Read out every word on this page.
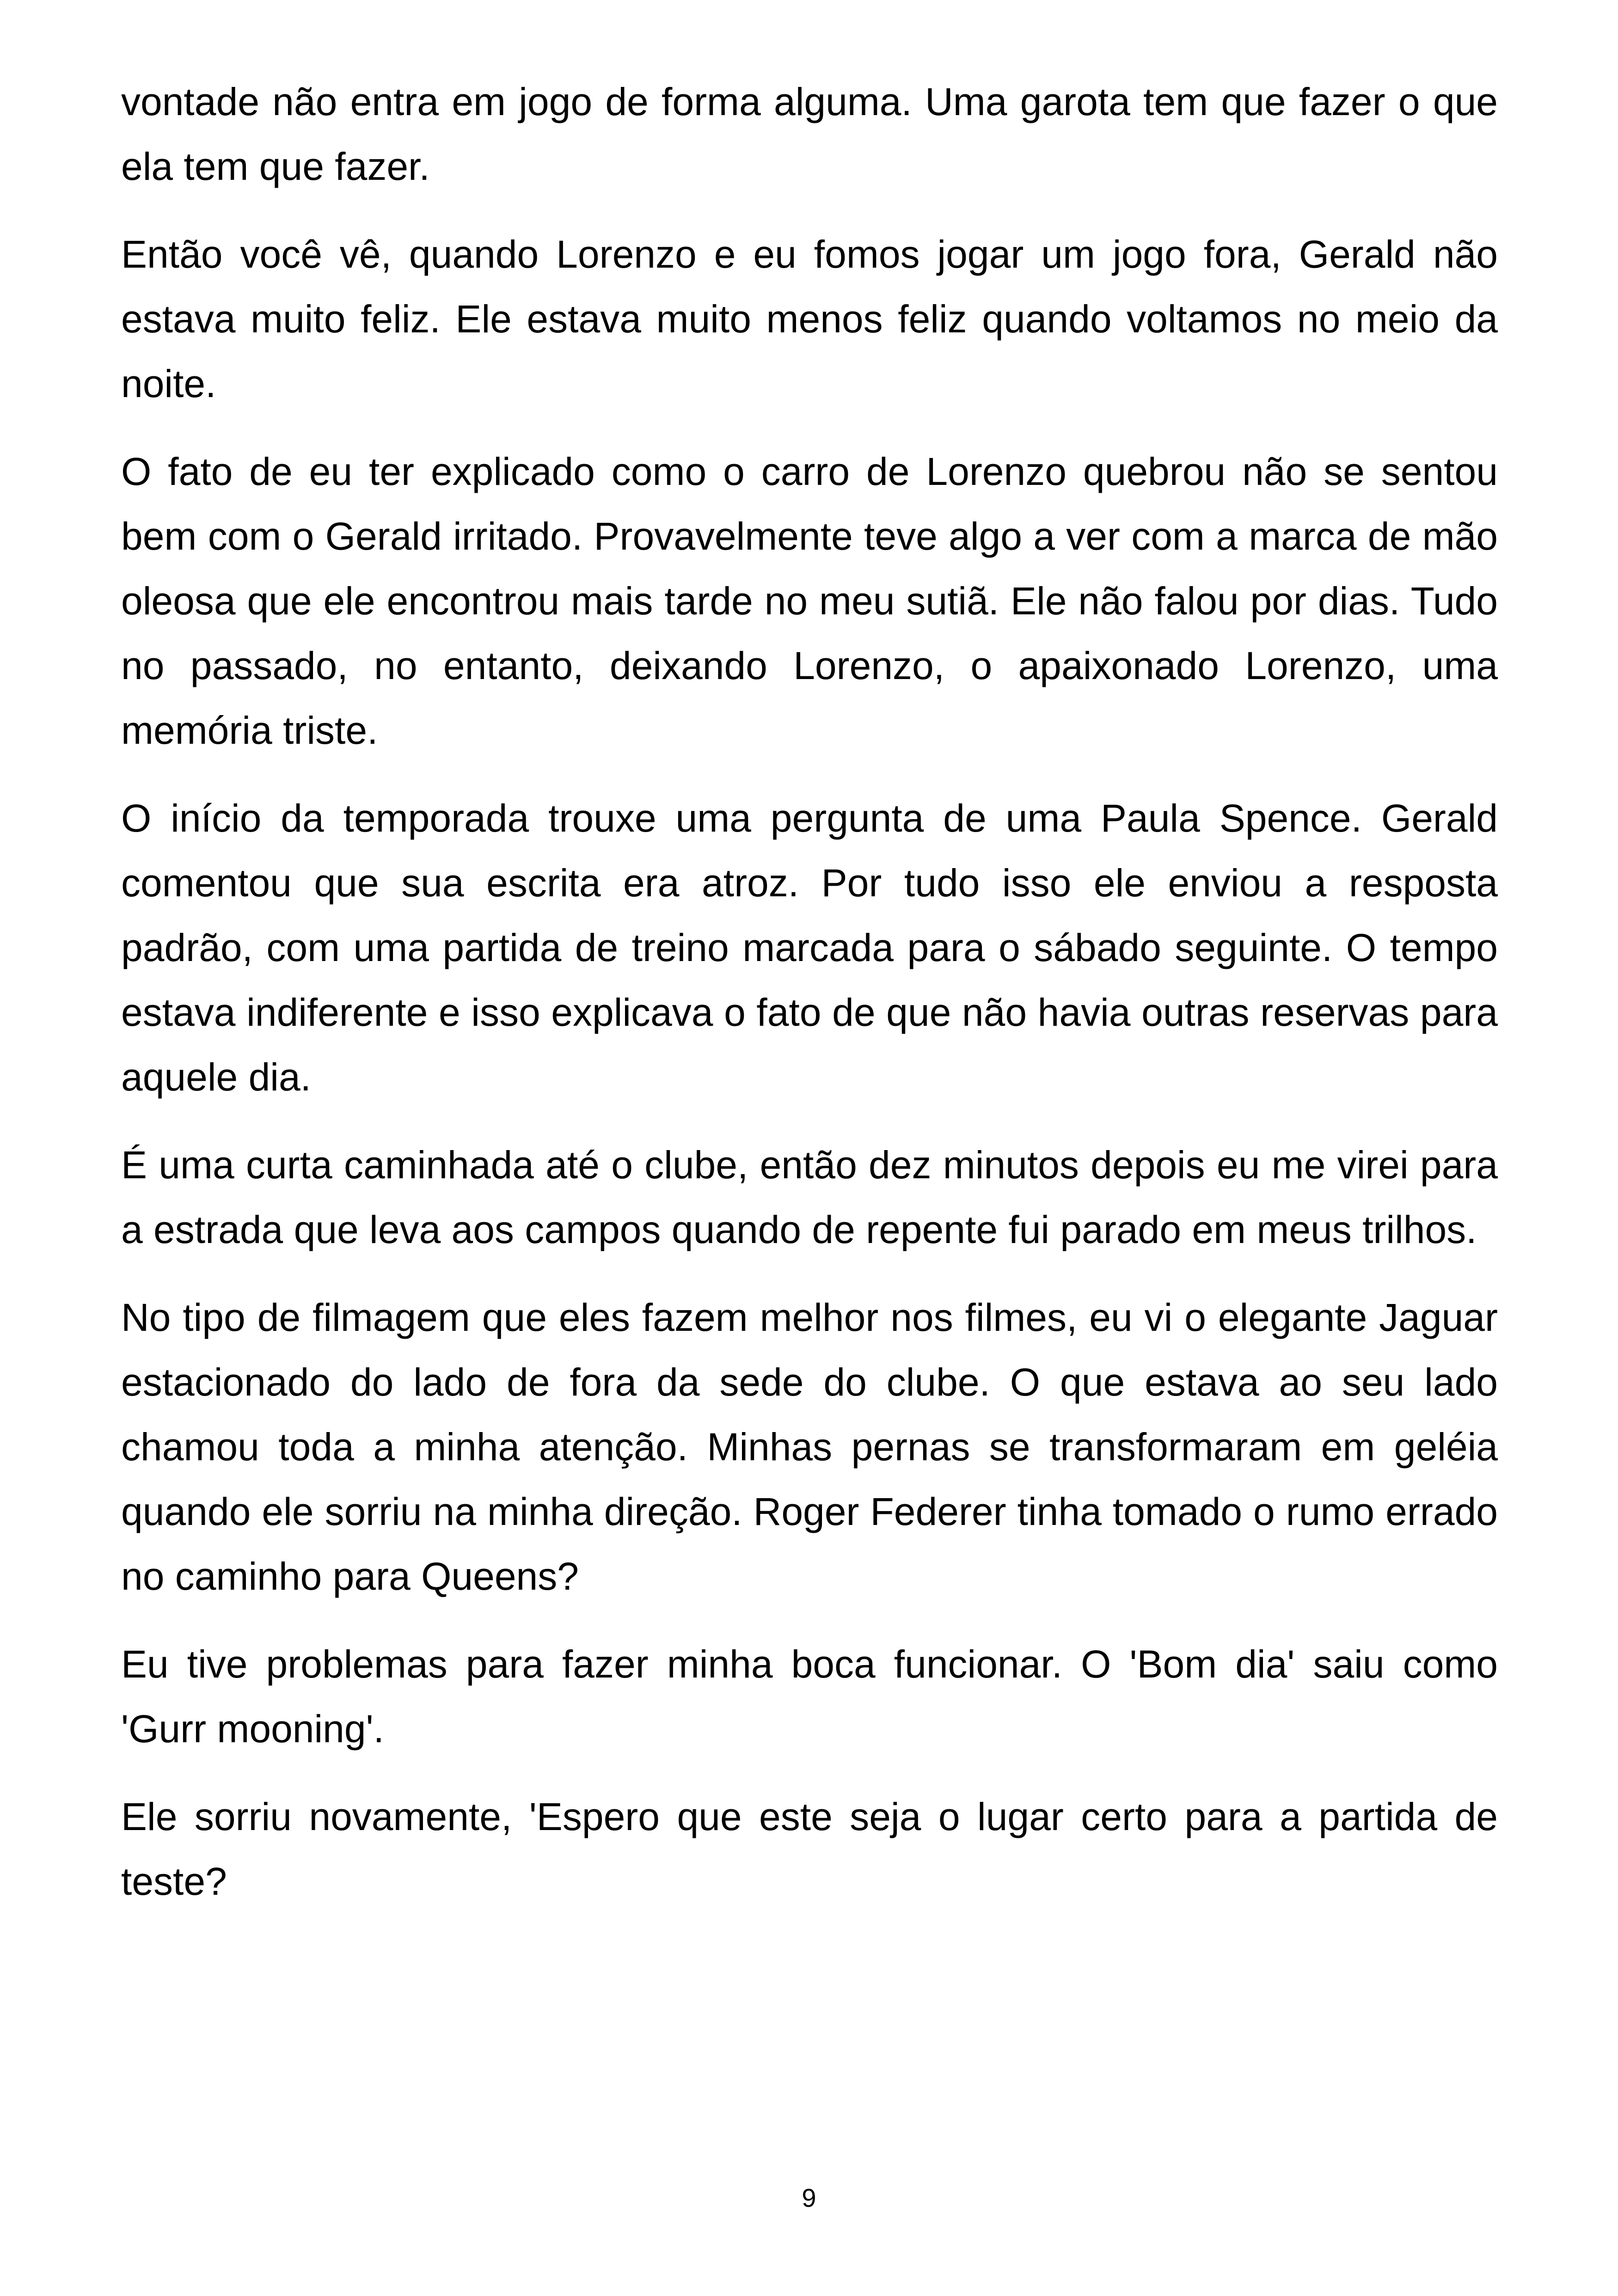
vontade não entra em jogo de forma alguma. Uma garota tem que fazer o que ela tem que fazer.

Então você vê, quando Lorenzo e eu fomos jogar um jogo fora, Gerald não estava muito feliz. Ele estava muito menos feliz quando voltamos no meio da noite.

O fato de eu ter explicado como o carro de Lorenzo quebrou não se sentou bem com o Gerald irritado. Provavelmente teve algo a ver com a marca de mão oleosa que ele encontrou mais tarde no meu sutiã. Ele não falou por dias. Tudo no passado, no entanto, deixando Lorenzo, o apaixonado Lorenzo, uma memória triste.

O início da temporada trouxe uma pergunta de uma Paula Spence. Gerald comentou que sua escrita era atroz. Por tudo isso ele enviou a resposta padrão, com uma partida de treino marcada para o sábado seguinte. O tempo estava indiferente e isso explicava o fato de que não havia outras reservas para aquele dia.

É uma curta caminhada até o clube, então dez minutos depois eu me virei para a estrada que leva aos campos quando de repente fui parado em meus trilhos.

No tipo de filmagem que eles fazem melhor nos filmes, eu vi o elegante Jaguar estacionado do lado de fora da sede do clube. O que estava ao seu lado chamou toda a minha atenção. Minhas pernas se transformaram em geléia quando ele sorriu na minha direção. Roger Federer tinha tomado o rumo errado no caminho para Queens?

Eu tive problemas para fazer minha boca funcionar. O 'Bom dia' saiu como 'Gurr mooning'.

Ele sorriu novamente, 'Espero que este seja o lugar certo para a partida de teste?

9
